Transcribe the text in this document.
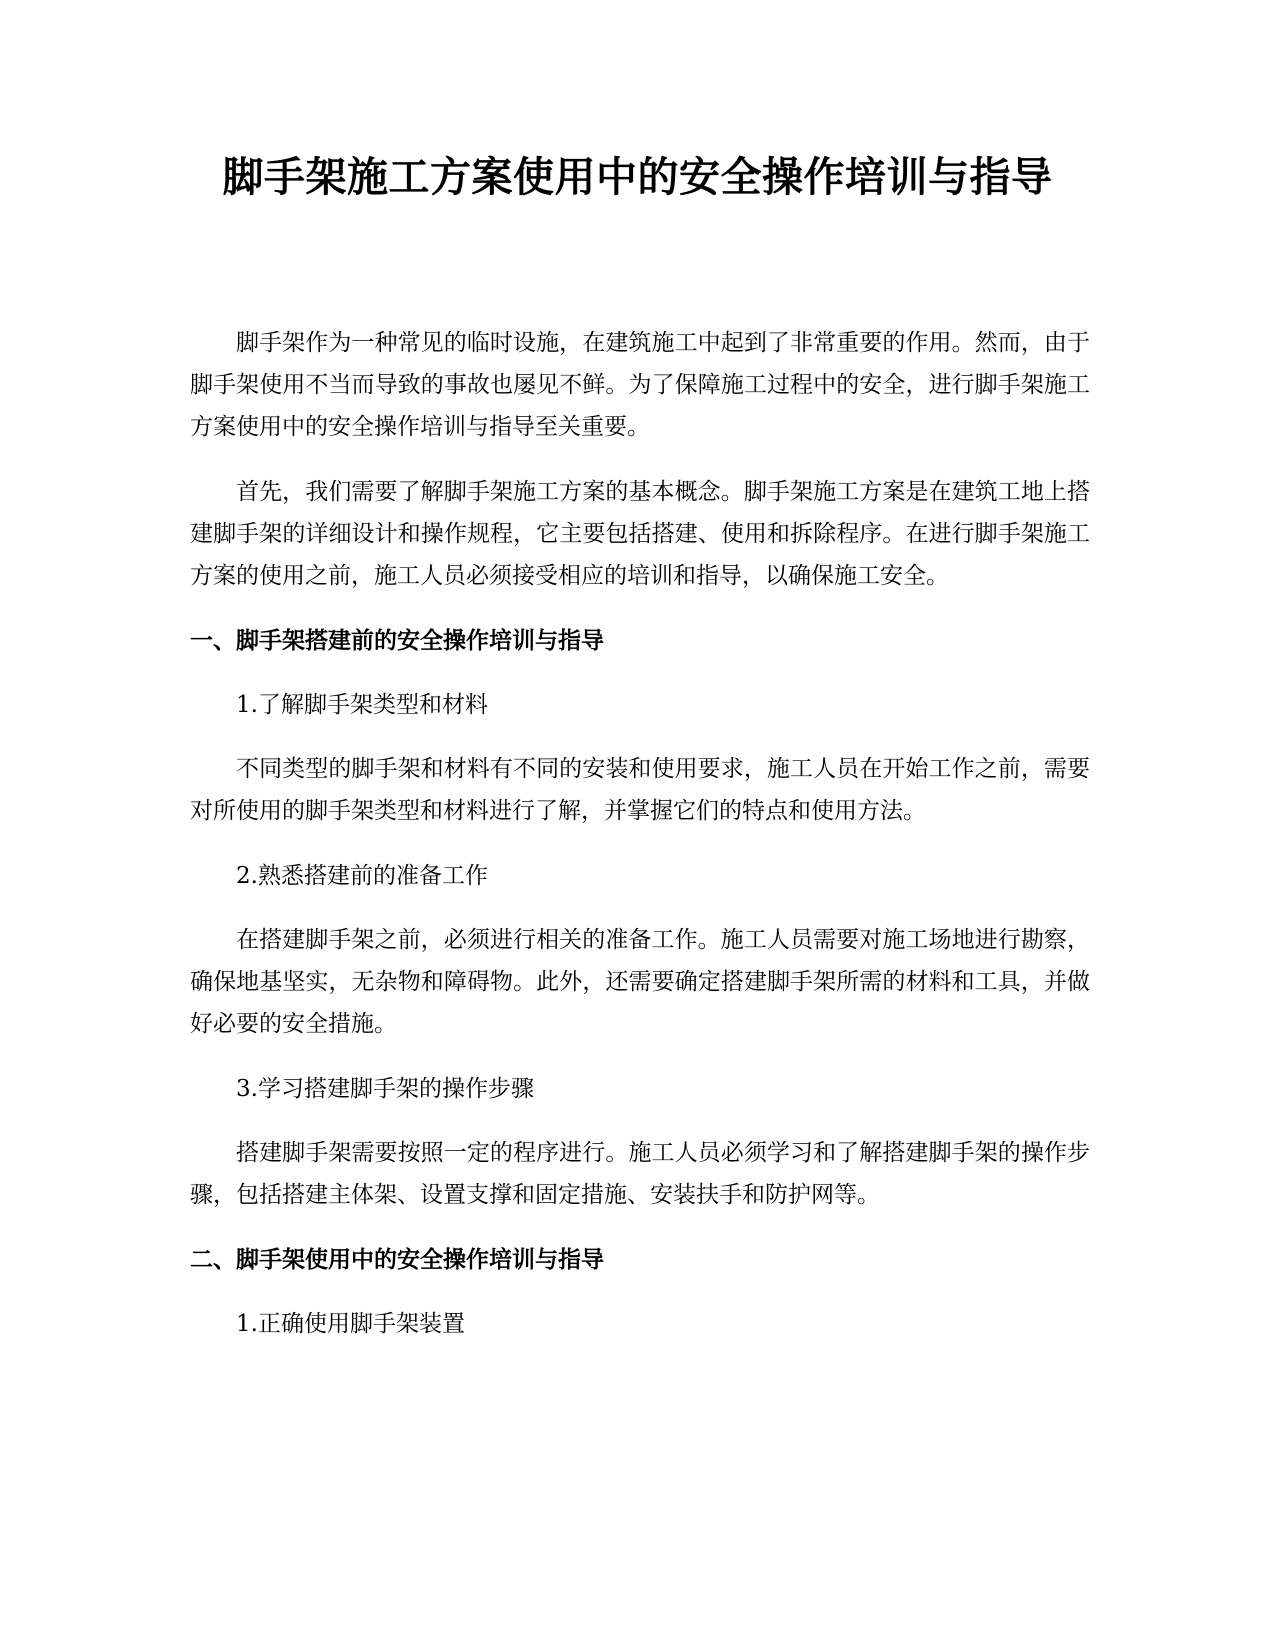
脚手架施工方案使用中的安全操作培训与指导

脚手架作为一种常见的临时设施，在建筑施工中起到了非常重要的作用。然而，由于脚手架使用不当而导致的事故也屡见不鲜。为了保障施工过程中的安全，进行脚手架施工方案使用中的安全操作培训与指导至关重要。

首先，我们需要了解脚手架施工方案的基本概念。脚手架施工方案是在建筑工地上搭建脚手架的详细设计和操作规程，它主要包括搭建、使用和拆除程序。在进行脚手架施工方案的使用之前，施工人员必须接受相应的培训和指导，以确保施工安全。

一、脚手架搭建前的安全操作培训与指导

1.了解脚手架类型和材料

不同类型的脚手架和材料有不同的安装和使用要求，施工人员在开始工作之前，需要对所使用的脚手架类型和材料进行了解，并掌握它们的特点和使用方法。

2.熟悉搭建前的准备工作

在搭建脚手架之前，必须进行相关的准备工作。施工人员需要对施工场地进行勘察，确保地基坚实，无杂物和障碍物。此外，还需要确定搭建脚手架所需的材料和工具，并做好必要的安全措施。

3.学习搭建脚手架的操作步骤

搭建脚手架需要按照一定的程序进行。施工人员必须学习和了解搭建脚手架的操作步骤，包括搭建主体架、设置支撑和固定措施、安装扶手和防护网等。

二、脚手架使用中的安全操作培训与指导

1.正确使用脚手架装置
